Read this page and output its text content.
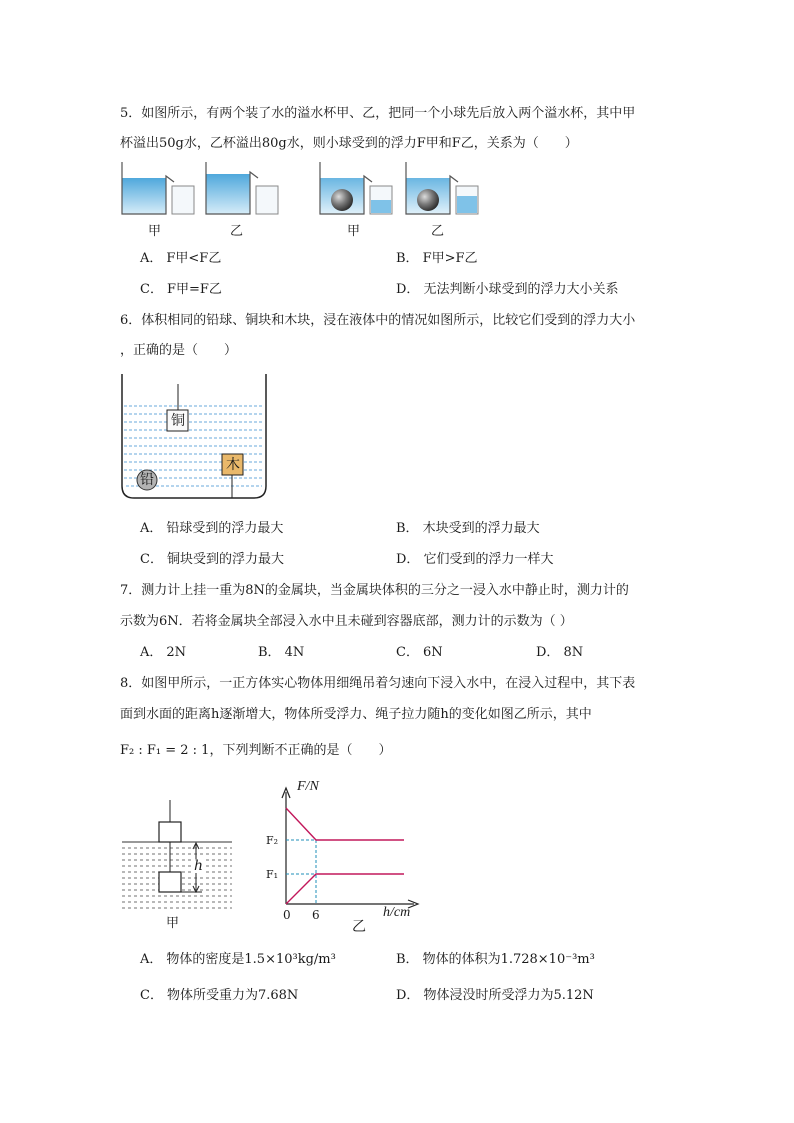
5．如图所示，有两个装了水的溢水杯甲、乙，把同一个小球先后放入两个溢水杯，其中甲
杯溢出50g水，乙杯溢出80g水，则小球受到的浮力F甲和F乙，关系为（　　）
甲	乙	甲	乙
A． F甲<F乙	B． F甲>F乙
C． F甲=F乙	D． 无法判断小球受到的浮力大小关系
6．体积相同的铅球、铜块和木块，浸在液体中的情况如图所示，比较它们受到的浮力大小
，正确的是（　　）
铜
木
铅
A． 铅球受到的浮力最大	B． 木块受到的浮力最大
C． 铜块受到的浮力最大	D． 它们受到的浮力一样大
7．测力计上挂一重为8N的金属块，当金属块体积的三分之一浸入水中静止时，测力计的
示数为6N．若将金属块全部浸入水中且未碰到容器底部，测力计的示数为（ ）
A． 2N	B． 4N	C． 6N	D． 8N
8．如图甲所示，一正方体实心物体用细绳吊着匀速向下浸入水中，在浸入过程中，其下表
面到水面的距离h逐渐增大，物体所受浮力、绳子拉力随h的变化如图乙所示，其中
F₂ : F₁ = 2 : 1，下列判断不正确的是（　　）
h
甲
F/N
F₂
F₁
0 6	h/cm
乙
A． 物体的密度是1.5×10³kg/m³	B． 物体的体积为1.728×10⁻³m³
C． 物体所受重力为7.68N	D． 物体浸没时所受浮力为5.12N
